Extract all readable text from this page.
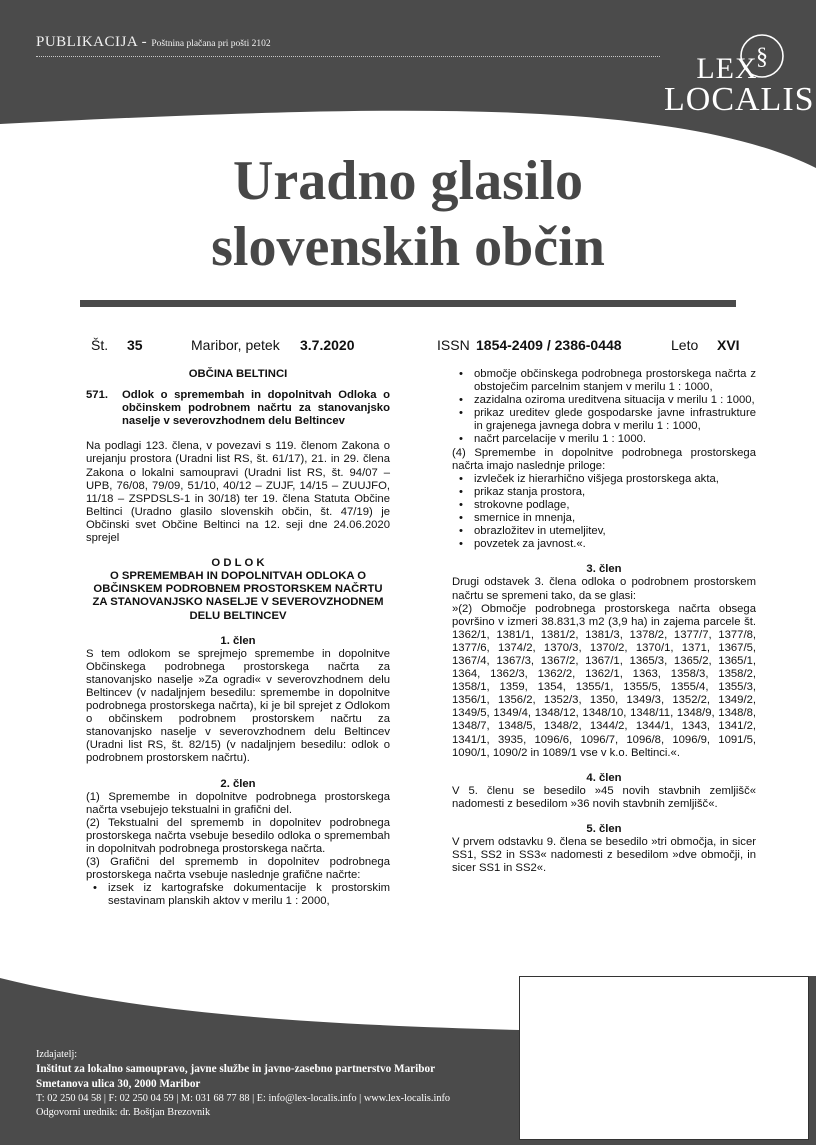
PUBLIKACIJA - Poštnina plačana pri pošti 2102	§
LEX
LOCALIS
Uradno glasilo
slovenskih občin
Št. 35	Maribor, petek 3.7.2020	ISSN 1854-2409 / 2386-0448	Leto XVI

OBČINA BELTINCI

571.	Odlok o spremembah in dopolnitvah Odloka o občinskem podrobnem načrtu za stanovanjsko naselje v severovzhodnem delu Beltincev

Na podlagi 123. člena, v povezavi s 119. členom Zakona o urejanju prostora (Uradni list RS, št. 61/17), 21. in 29. člena Zakona o lokalni samoupravi (Uradni list RS, št. 94/07 – UPB, 76/08, 79/09, 51/10, 40/12 – ZUJF, 14/15 – ZUUJFO, 11/18 – ZSPDSLS-1 in 30/18) ter 19. člena Statuta Občine Beltinci (Uradno glasilo slovenskih občin, št. 47/19) je Občinski svet Občine Beltinci na 12. seji dne 24.06.2020 sprejel

O D L O K

O SPREMEMBAH IN DOPOLNITVAH ODLOKA O OBČINSKEM PODROBNEM PROSTORSKEM NAČRTU ZA STANOVANJSKO NASELJE V SEVEROVZHODNEM DELU BELTINCEV

1. člen

S tem odlokom se sprejmejo spremembe in dopolnitve Občinskega podrobnega prostorskega načrta za stanovanjsko naselje »Za ogradi« v severovzhodnem delu Beltincev (v nadaljnjem besedilu: spremembe in dopolnitve podrobnega prostorskega načrta), ki je bil sprejet z Odlokom o občinskem podrobnem prostorskem načrtu za stanovanjsko naselje v severovzhodnem delu Beltincev (Uradni list RS, št. 82/15) (v nadaljnjem besedilu: odlok o podrobnem prostorskem načrtu).

2. člen

(1) Spremembe in dopolnitve podrobnega prostorskega načrta vsebujejo tekstualni in grafični del.

(2) Tekstualni del sprememb in dopolnitev podrobnega prostorskega načrta vsebuje besedilo odloka o spremembah in dopolnitvah podrobnega prostorskega načrta.

(3) Grafični del sprememb in dopolnitev podrobnega prostorskega načrta vsebuje naslednje grafične načrte:

• izsek iz kartografske dokumentacije k prostorskim sestavinam planskih aktov v merilu 1 : 2000,
• območje občinskega podrobnega prostorskega načrta z obstoječim parcelnim stanjem v merilu 1 : 1000,
• zazidalna oziroma ureditvena situacija v merilu 1 : 1000,
• prikaz ureditev glede gospodarske javne infrastrukture in grajenega javnega dobra v merilu 1 : 1000,
• načrt parcelacije v merilu 1 : 1000.

(4) Spremembe in dopolnitve podrobnega prostorskega načrta imajo naslednje priloge:

• izvleček iz hierarhično višjega prostorskega akta,
• prikaz stanja prostora,
• strokovne podlage,
• smernice in mnenja,
• obrazložitev in utemeljitev,
• povzetek za javnost.«.

3. člen

Drugi odstavek 3. člena odloka o podrobnem prostorskem načrtu se spremeni tako, da se glasi:

»(2) Območje podrobnega prostorskega načrta obsega površino v izmeri 38.831,3 m2 (3,9 ha) in zajema parcele št. 1362/1, 1381/1, 1381/2, 1381/3, 1378/2, 1377/7, 1377/8, 1377/6, 1374/2, 1370/3, 1370/2, 1370/1, 1371, 1367/5, 1367/4, 1367/3, 1367/2, 1367/1, 1365/3, 1365/2, 1365/1, 1364, 1362/3, 1362/2, 1362/1, 1363, 1358/3, 1358/2, 1358/1, 1359, 1354, 1355/1, 1355/5, 1355/4, 1355/3, 1356/1, 1356/2, 1352/3, 1350, 1349/3, 1352/2, 1349/2, 1349/5, 1349/4, 1348/12, 1348/10, 1348/11, 1348/9, 1348/8, 1348/7, 1348/5, 1348/2, 1344/2, 1344/1, 1343, 1341/2, 1341/1, 3935, 1096/6, 1096/7, 1096/8, 1096/9, 1091/5, 1090/1, 1090/2 in 1089/1 vse v k.o. Beltinci.«.

4. člen

V 5. členu se besedilo »45 novih stavbnih zemljišč« nadomesti z besedilom »36 novih stavbnih zemljišč«.

5. člen

V prvem odstavku 9. člena se besedilo »tri območja, in sicer SS1, SS2 in SS3« nadomesti z besedilom »dve območji, in sicer SS1 in SS2«.

Izdajatelj:
Inštitut za lokalno samoupravo, javne službe in javno-zasebno partnerstvo Maribor
Smetanova ulica 30, 2000 Maribor
T: 02 250 04 58 | F: 02 250 04 59 | M: 031 68 77 88 | E: info@lex-localis.info | www.lex-localis.info
Odgovorni urednik: dr. Boštjan Brezovnik
